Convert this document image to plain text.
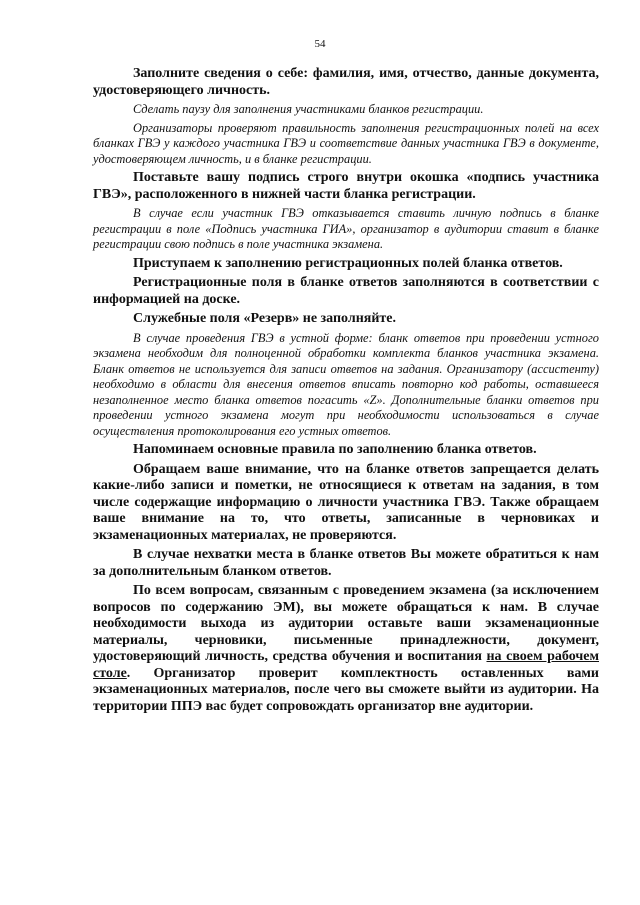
54

Заполните сведения о себе: фамилия, имя, отчество, данные документа, удостоверяющего личность.

Сделать паузу для заполнения участниками бланков регистрации.

Организаторы проверяют правильность заполнения регистрационных полей на всех бланках ГВЭ у каждого участника ГВЭ и соответствие данных участника ГВЭ в документе, удостоверяющем личность, и в бланке регистрации.

Поставьте вашу подпись строго внутри окошка «подпись участника ГВЭ», расположенного в нижней части бланка регистрации.

В случае если участник ГВЭ отказывается ставить личную подпись в бланке регистрации в поле «Подпись участника ГИА», организатор в аудитории ставит в бланке регистрации свою подпись в поле участника экзамена.

Приступаем к заполнению регистрационных полей бланка ответов.

Регистрационные поля в бланке ответов заполняются в соответствии с информацией на доске.

Служебные поля «Резерв» не заполняйте.

В случае проведения ГВЭ в устной форме: бланк ответов при проведении устного экзамена необходим для полноценной обработки комплекта бланков участника экзамена. Бланк ответов не используется для записи ответов на задания. Организатору (ассистенту) необходимо в области для внесения ответов вписать повторно код работы, оставшееся незаполненное место бланка ответов погасить «Z». Дополнительные бланки ответов при проведении устного экзамена могут при необходимости использоваться в случае осуществления протоколирования его устных ответов.

Напоминаем основные правила по заполнению бланка ответов.

Обращаем ваше внимание, что на бланке ответов запрещается делать какие-либо записи и пометки, не относящиеся к ответам на задания, в том числе содержащие информацию о личности участника ГВЭ. Также обращаем ваше внимание на то, что ответы, записанные в черновиках и экзаменационных материалах, не проверяются.

В случае нехватки места в бланке ответов Вы можете обратиться к нам за дополнительным бланком ответов.

По всем вопросам, связанным с проведением экзамена (за исключением вопросов по содержанию ЭМ), вы можете обращаться к нам. В случае необходимости выхода из аудитории оставьте ваши экзаменационные материалы, черновики, письменные принадлежности, документ, удостоверяющий личность, средства обучения и воспитания на своем рабочем столе. Организатор проверит комплектность оставленных вами экзаменационных материалов, после чего вы сможете выйти из аудитории. На территории ППЭ вас будет сопровождать организатор вне аудитории.
